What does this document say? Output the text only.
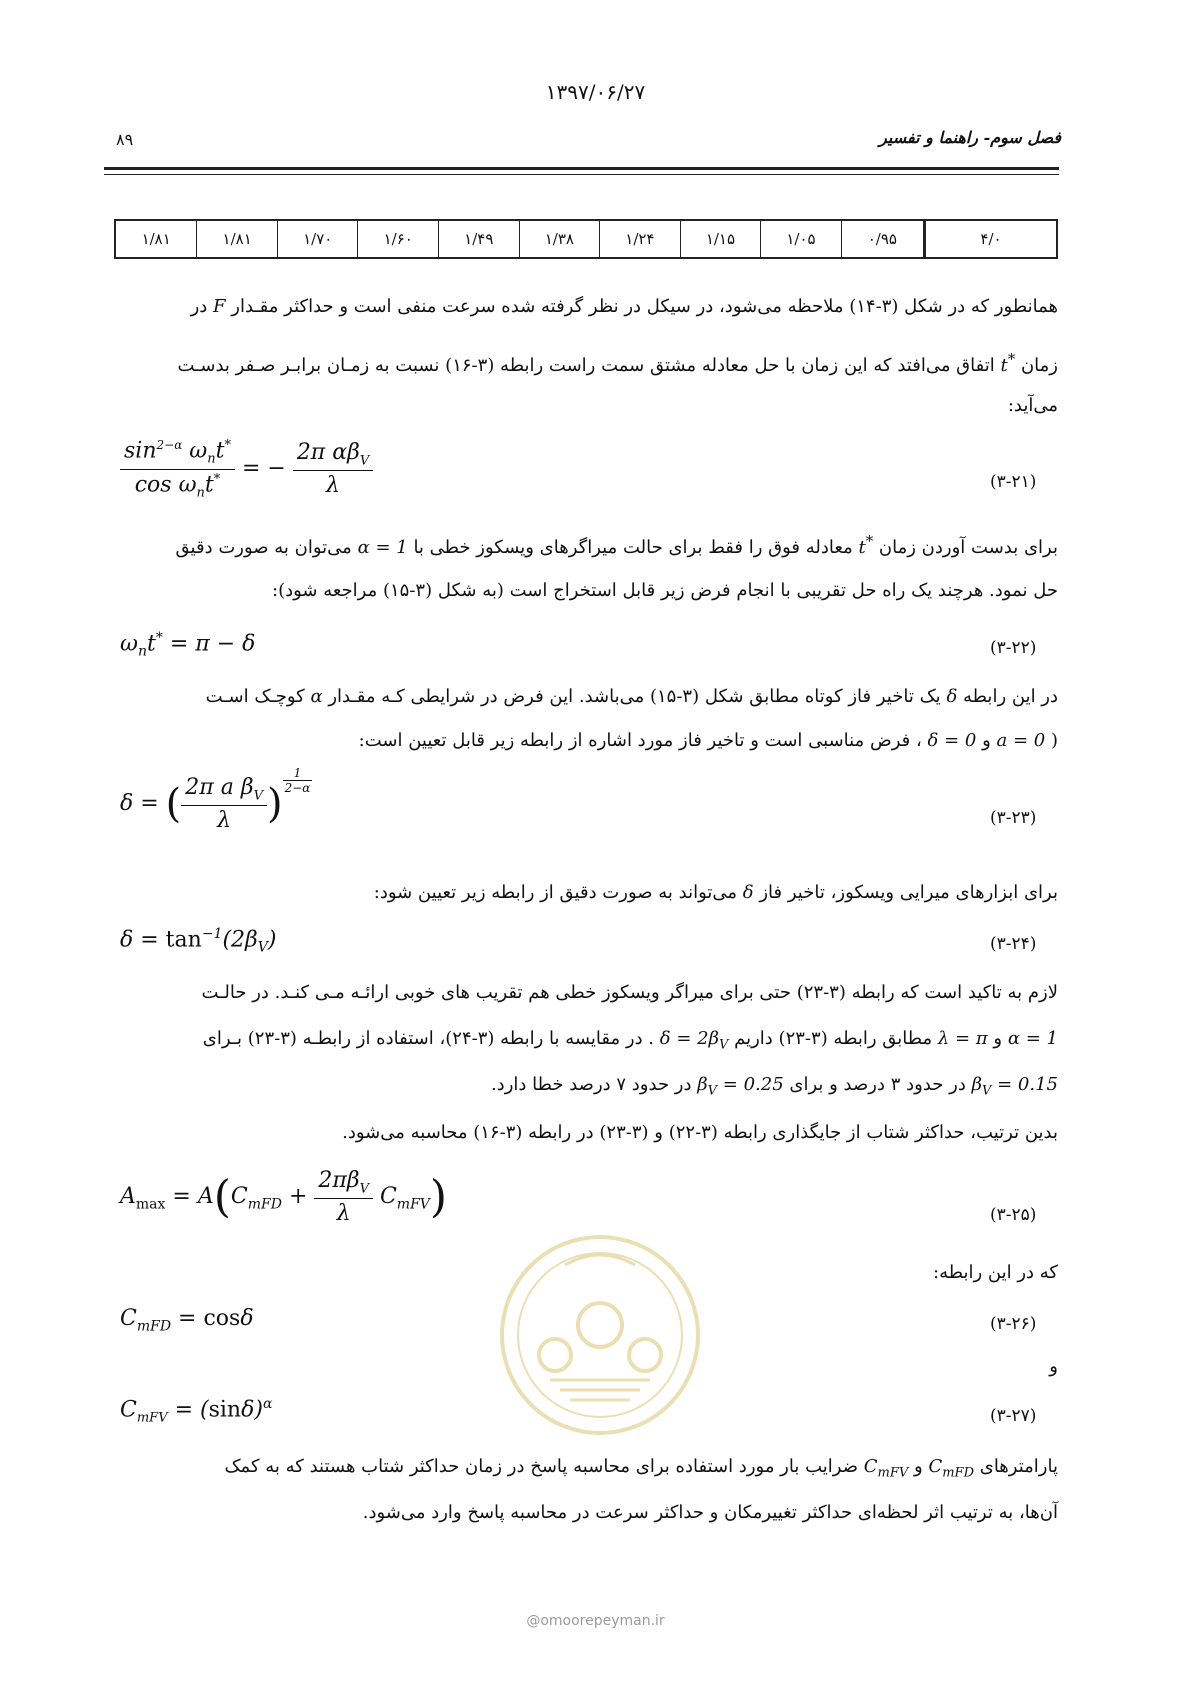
۱۳۹۷/۰۶/۲۷
۸۹	فصل سوم- راهنما و تفسیر
۱/۸۱	۱/۸۱	۱/۷۰	۱/۶۰	۱/۴۹	۱/۳۸	۱/۲۴	۱/۱۵	۱/۰۵	۰/۹۵	۴/۰
همانطور که در شکل (۳-۱۴) ملاحظه می‌شود، در سیکل در نظر گرفته شده سرعت منفی است و حداکثر مقـدار F در
زمان t* اتفاق می‌افتد که این زمان با حل معادله مشتق سمت راست رابطه (۳-۱۶) نسبت به زمـان برابـر صـفر بدسـت
می‌آید:
$\frac{\sin^{2-\alpha} \omega_nt^*}{\cos \omega_nt^*}$ = − $\frac{2\pi \alpha\beta_V}{\lambda}$	(۳-۲۱)
برای بدست آوردن زمان t* معادله فوق را فقط برای حالت میراگرهای ویسکوز خطی با α = 1 می‌توان به صورت دقیق
حل نمود. هرچند یک راه حل تقریبی با انجام فرض زیر قابل استخراج است (به شکل (۳-۱۵) مراجعه شود):
$\omega_nt^* = \pi - \delta$	(۳-۲۲)
در این رابطه δ یک تاخیر فاز کوتاه مطابق شکل (۳-۱۵) می‌باشد. این فرض در شرایطی کـه مقـدار α کوچـک اسـت
( a = 0 و δ = 0 ، فرض مناسبی است و تاخیر فاز مورد اشاره از رابطه زیر قابل تعیین است:
δ = ( $\frac{2\pi a \beta_V}{\lambda}$ )
$^{\frac{1}{2-\alpha}}$
(۳-۲۳)
برای ابزارهای میرایی ویسکوز، تاخیر فاز δ می‌تواند به صورت دقیق از رابطه زیر تعیین شود:
$\delta = \tan^{-1}(2\beta_V)$	(۳-۲۴)
لازم به تاکید است که رابطه (۳-۲۳) حتی برای میراگر ویسکوز خطی هم تقریب های خوبی ارائـه مـی کنـد. در حالـت
α = 1 و λ = π مطابق رابطه (۳-۲۳) داریم $\delta = 2\beta_V$ . در مقایسه با رابطه (۳-۲۴)، استفاده از رابطـه (۳-۲۳) بـرای
$\beta_V = 0.15$ در حدود ۳ درصد و برای $\beta_V = 0.25$ در حدود ۷ درصد خطا دارد.
بدین ترتیب، حداکثر شتاب از جایگذاری رابطه (۳-۲۲) و (۳-۲۳) در رابطه (۳-۱۶) محاسبه می‌شود.
$A_{max} = A(C_{mFD} + \frac{2\pi\beta_V}{\lambda} C_{mFV})$	(۳-۲۵)
که در این رابطه:
$C_{mFD} = \cos\delta$	(۳-۲۶)
و
$C_{mFV} = (\sin\delta)^\alpha$
(۳-۲۷)
پارامترهای $C_{mFD}$ و $C_{mFV}$ ضرایب بار مورد استفاده برای محاسبه پاسخ در زمان حداکثر شتاب هستند که به کمک
آن‌ها، به ترتیب اثر لحظه‌ای حداکثر تغییرمکان و حداکثر سرعت در محاسبه پاسخ وارد می‌شود.
@omoorepeyman.ir
